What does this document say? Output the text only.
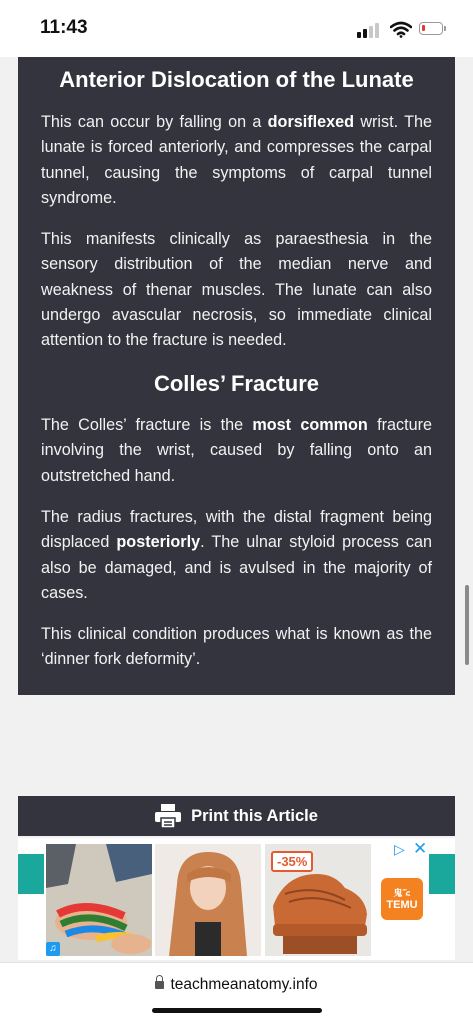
11:43
Anterior Dislocation of the Lunate

This can occur by falling on a dorsiflexed wrist. The lunate is forced anteriorly, and compresses the carpal tunnel, causing the symptoms of carpal tunnel syndrome.

This manifests clinically as paraesthesia in the sensory distribution of the median nerve and weakness of thenar muscles. The lunate can also undergo avascular necrosis, so immediate clinical attention to the fracture is needed.

Colles’ Fracture

The Colles’ fracture is the most common fracture involving the wrist, caused by falling onto an outstretched hand.

The radius fractures, with the distal fragment being displaced posteriorly. The ulnar styloid process can also be damaged, and is avulsed in the majority of cases.

This clinical condition produces what is known as the ‘dinner fork deformity’.

Print this Article
-35%
▷ ✕
⻤ˆ᷄᱈
TEMU
♫
teachmeanatomy.info
